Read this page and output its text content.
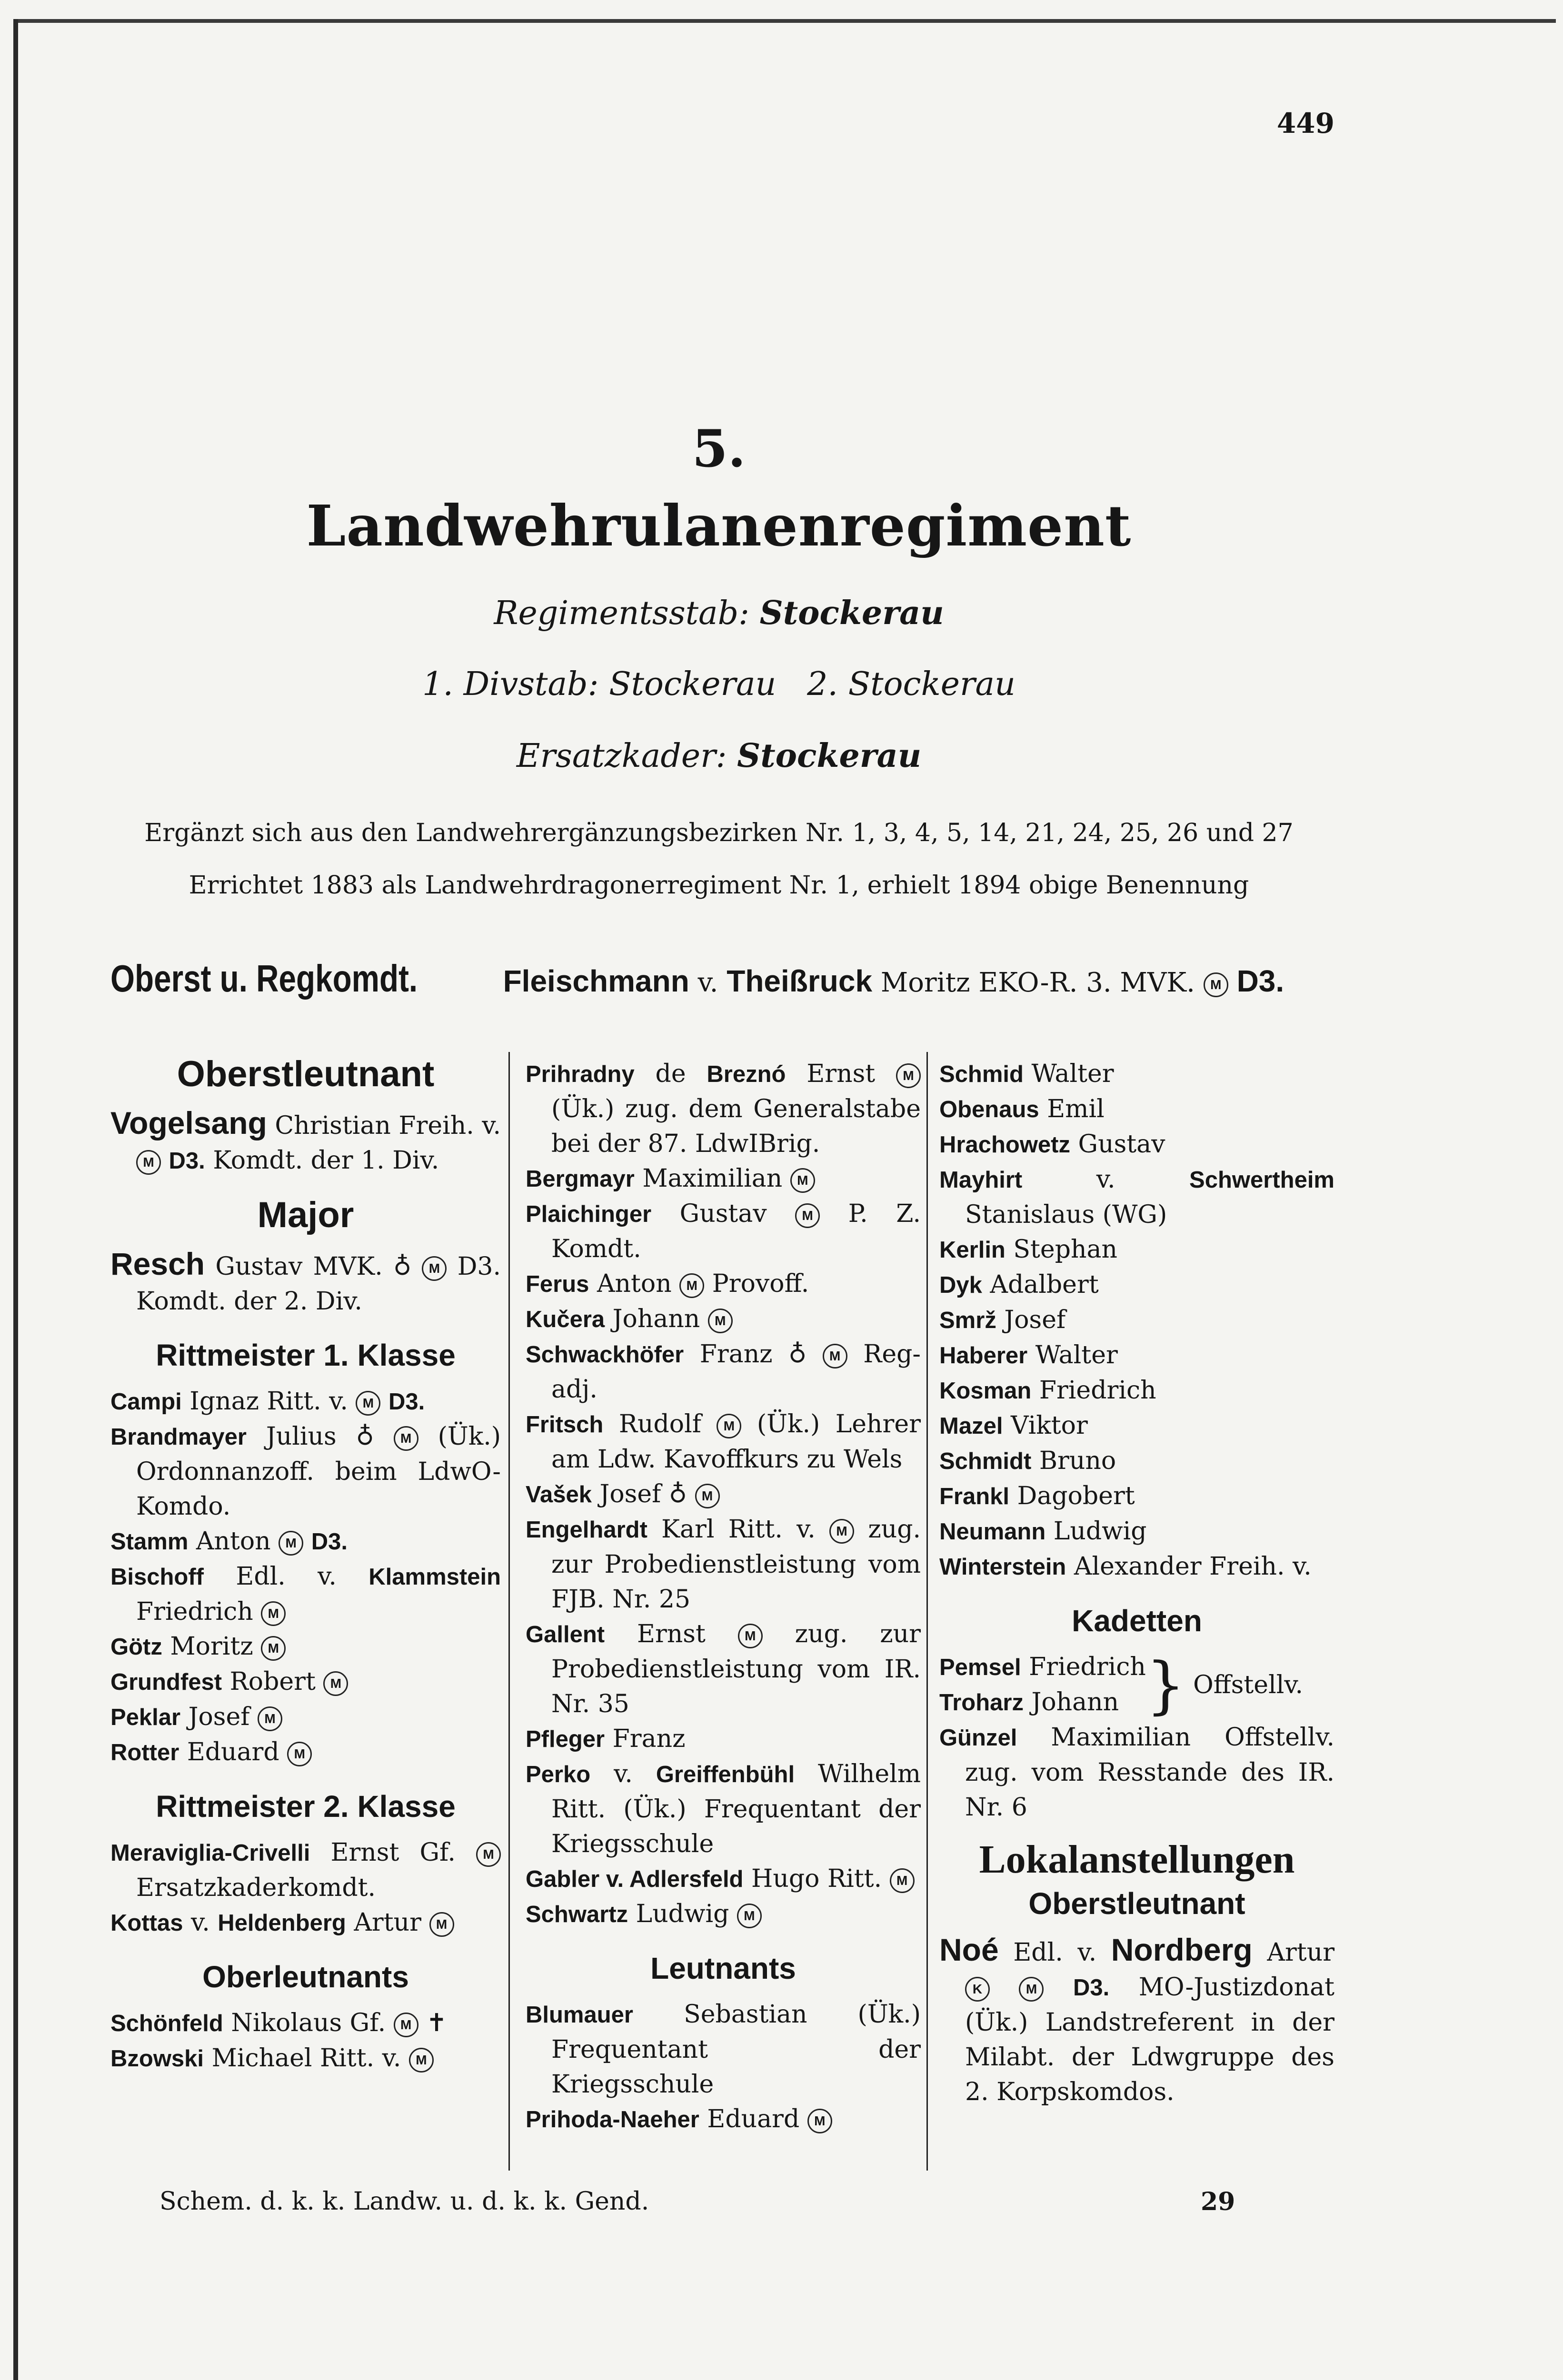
449
5.
Landwehrulanenregiment
Regimentsstab: Stockerau
1. Divstab: Stockerau 2. Stockerau
Ersatzkader: Stockerau
Ergänzt sich aus den Landwehrergänzungsbezirken Nr. 1, 3, 4, 5, 14, 21, 24, 25, 26 und 27
Errichtet 1883 als Landwehrdragonerregiment Nr. 1, erhielt 1894 obige Benennung
Oberst u. Regkomdt.	Fleischmann v. Theißruck Moritz EKO-R. 3. MVK. M D3.
Oberstleutnant
Vogelsang Christian Freih. v. M D3. Komdt. der 1. Div.
Major
Resch Gustav MVK. ♁ M D3. Komdt. der 2. Div.
Rittmeister 1. Klasse
Campi Ignaz Ritt. v. M D3.
Brandmayer Julius ♁ M (Ük.) Ordonnanzoff. beim LdwO-Komdo.
Stamm Anton M D3.
Bischoff Edl. v. Klammstein Friedrich M
Götz Moritz M
Grundfest Robert M
Peklar Josef M
Rotter Eduard M
Rittmeister 2. Klasse
Meraviglia-Crivelli Ernst Gf. M Ersatzkaderkomdt.
Kottas v. Heldenberg Artur M
Oberleutnants
Schönfeld Nikolaus Gf. M ✝
Bzowski Michael Ritt. v. M
Prihradny de Breznó Ernst M (Ük.) zug. dem Generalstabe bei der 87. LdwIBrig.
Bergmayr Maximilian M
Plaichinger Gustav	M P. Z. Komdt.
Ferus Anton M Provoff.
Kučera Johann M
Schwackhöfer Franz ♁ M Reg-adj.
Fritsch Rudolf M (Ük.) Lehrer am Ldw. Kavoffkurs zu Wels
Vašek Josef ♁ M
Engelhardt Karl Ritt. v. M zug. zur Probedienstleistung vom FJB. Nr. 25
Gallent Ernst	M zug. zur Probedienstleistung vom IR. Nr. 35
Pfleger Franz
Perko v. Greiffenbühl Wilhelm Ritt. (Ük.) Frequentant der Kriegsschule
Gabler v. Adlersfeld Hugo Ritt. M
Schwartz Ludwig M
Leutnants
Blumauer Sebastian (Ük.) Frequentant der Kriegsschule
Prihoda-Naeher Eduard M
Schmid Walter
Obenaus Emil
Hrachowetz Gustav
Mayhirt	v.	Schwertheim Stanislaus (WG)
Kerlin Stephan
Dyk Adalbert
Smrž Josef
Haberer Walter
Kosman Friedrich
Mazel Viktor
Schmidt Bruno
Frankl Dagobert
Neumann Ludwig
Winterstein Alexander Freih. v.
Kadetten
Pemsel Friedrich
Troharz Johann } Offstellv.
Günzel Maximilian Offstellv. zug. vom Resstande des IR. Nr. 6
Lokalanstellungen
Oberstleutnant
Noé Edl. v. Nordberg Artur K	M D3. MO-Justizdonat (Ük.) Landstreferent in der Milabt. der Ldwgruppe des 2. Korpskomdos.
Schem. d. k. k. Landw. u. d. k. k. Gend.	29
